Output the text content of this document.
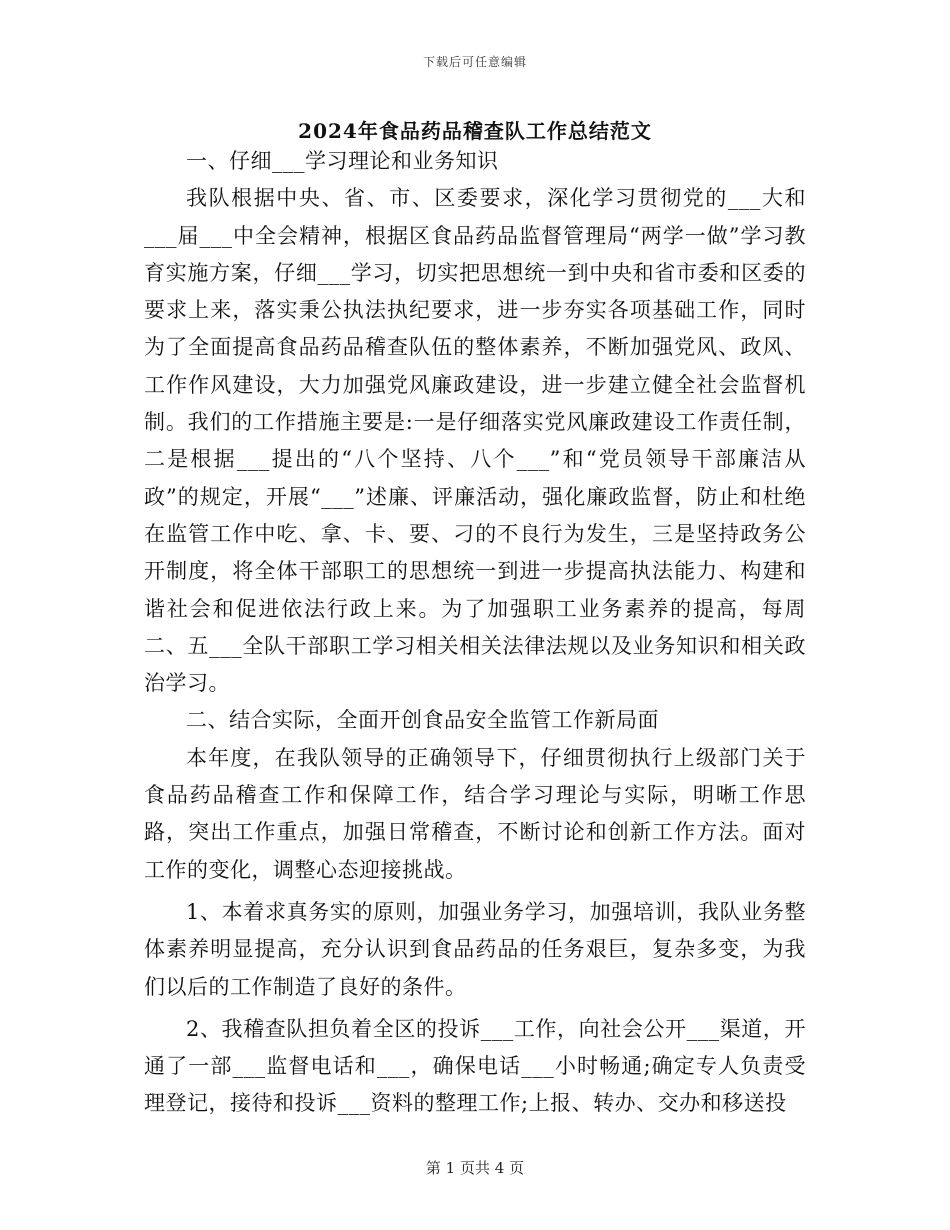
下载后可任意编辑
2024年食品药品稽查队工作总结范文

一、仔细___学习理论和业务知识

我队根据中央、省、市、区委要求，深化学习贯彻党的___大和___届___中全会精神，根据区食品药品监督管理局“两学一做”学习教育实施方案，仔细___学习，切实把思想统一到中央和省市委和区委的要求上来，落实秉公执法执纪要求，进一步夯实各项基础工作，同时为了全面提高食品药品稽查队伍的整体素养，不断加强党风、政风、工作作风建设，大力加强党风廉政建设，进一步建立健全社会监督机制。我们的工作措施主要是:一是仔细落实党风廉政建设工作责任制，二是根据___提出的“八个坚持、八个___”和“党员领导干部廉洁从政”的规定，开展“___”述廉、评廉活动，强化廉政监督，防止和杜绝在监管工作中吃、拿、卡、要、刁的不良行为发生，三是坚持政务公开制度，将全体干部职工的思想统一到进一步提高执法能力、构建和谐社会和促进依法行政上来。为了加强职工业务素养的提高，每周二、五___全队干部职工学习相关相关法律法规以及业务知识和相关政治学习。

二、结合实际，全面开创食品安全监管工作新局面

本年度，在我队领导的正确领导下，仔细贯彻执行上级部门关于食品药品稽查工作和保障工作，结合学习理论与实际，明晰工作思路，突出工作重点，加强日常稽查，不断讨论和创新工作方法。面对工作的变化，调整心态迎接挑战。

1、本着求真务实的原则，加强业务学习，加强培训，我队业务整体素养明显提高，充分认识到食品药品的任务艰巨，复杂多变，为我们以后的工作制造了良好的条件。

2、我稽查队担负着全区的投诉___工作，向社会公开___渠道，开通了一部___监督电话和___，确保电话___小时畅通;确定专人负责受理登记，接待和投诉___资料的整理工作;上报、转办、交办和移送投

第 1 页共 4 页
